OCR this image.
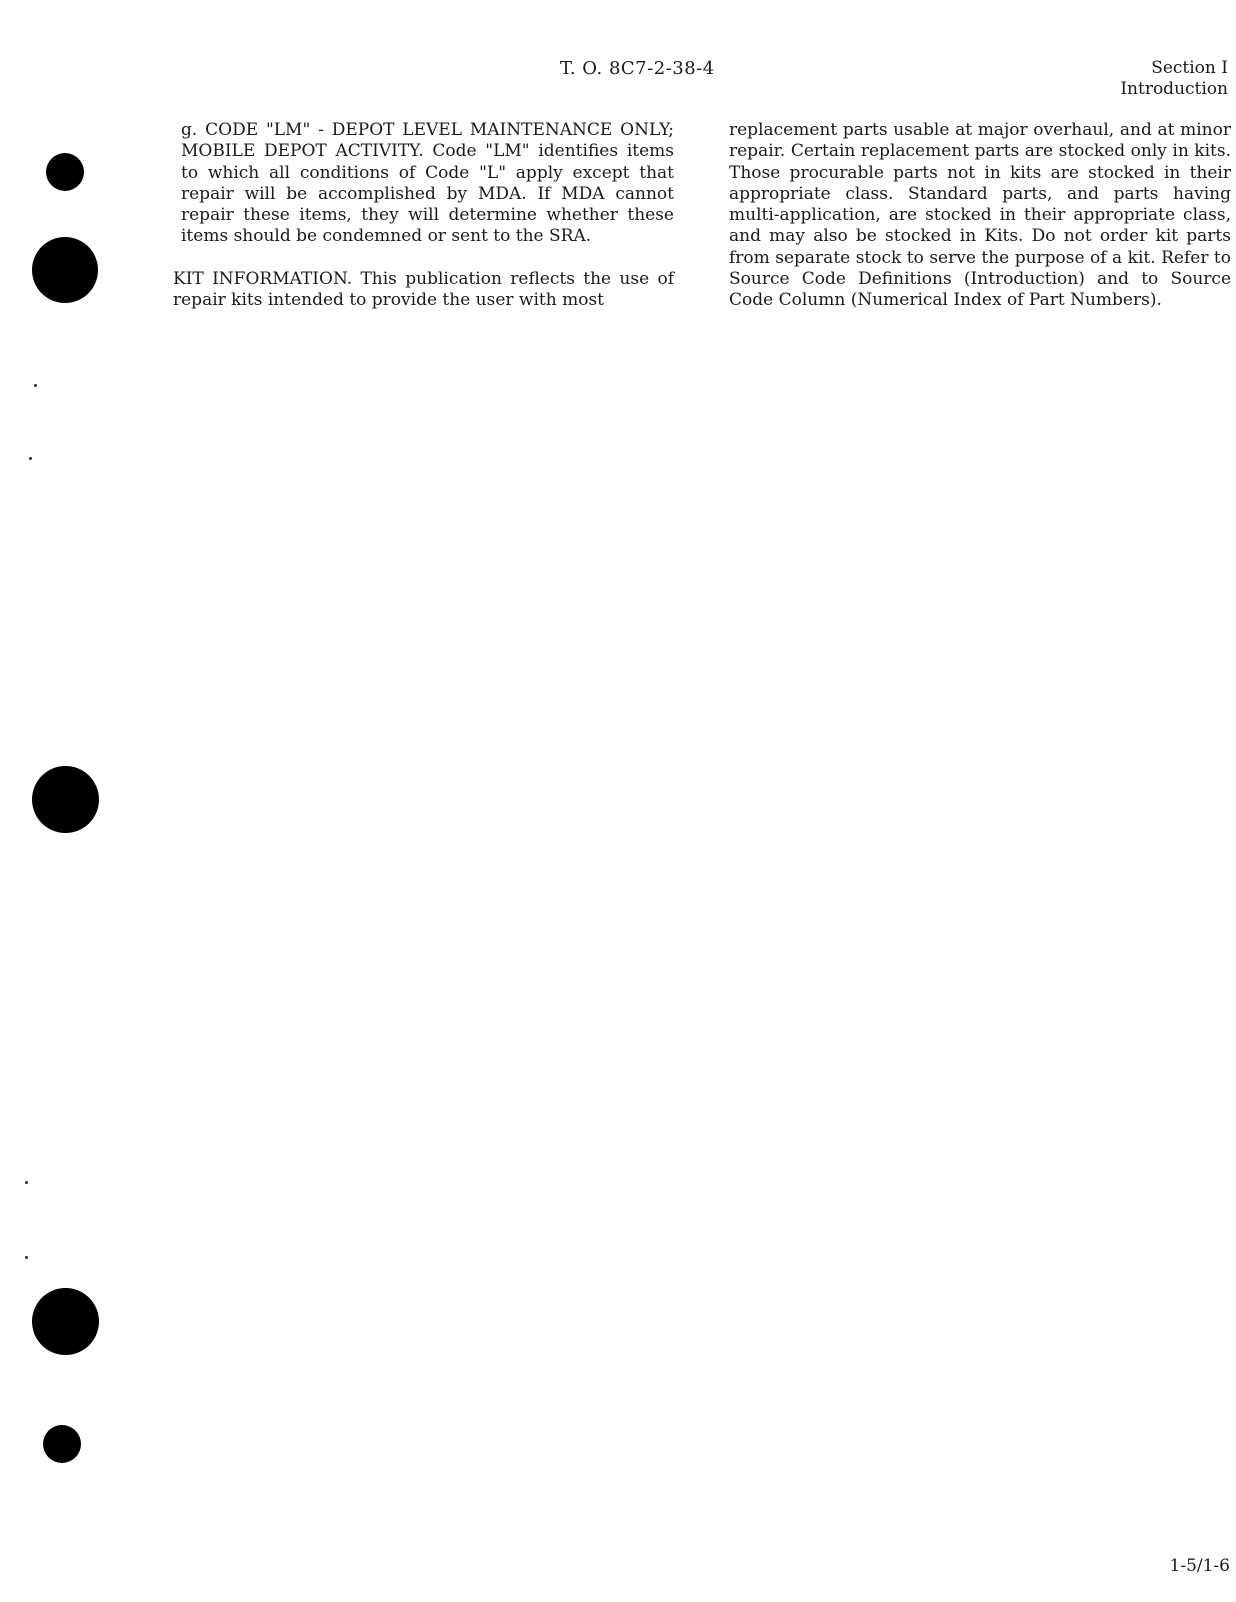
T. O. 8C7-2-38-4	Section I
Introduction

g. CODE "LM" - DEPOT LEVEL MAINTENANCE ONLY; MOBILE DEPOT ACTIVITY. Code "LM" identifies items to which all conditions of Code "L" apply except that repair will be accomplished by MDA. If MDA cannot repair these items, they will determine whether these items should be condemned or sent to the SRA.

KIT INFORMATION. This publication reflects the use of repair kits intended to provide the user with most

replacement parts usable at major overhaul, and at minor repair. Certain replacement parts are stocked only in kits. Those procurable parts not in kits are stocked in their appropriate class. Standard parts, and parts having multi-application, are stocked in their appropriate class, and may also be stocked in Kits. Do not order kit parts from separate stock to serve the purpose of a kit. Refer to Source Code Definitions (Introduction) and to Source Code Column (Numerical Index of Part Numbers).

1-5/1-6
